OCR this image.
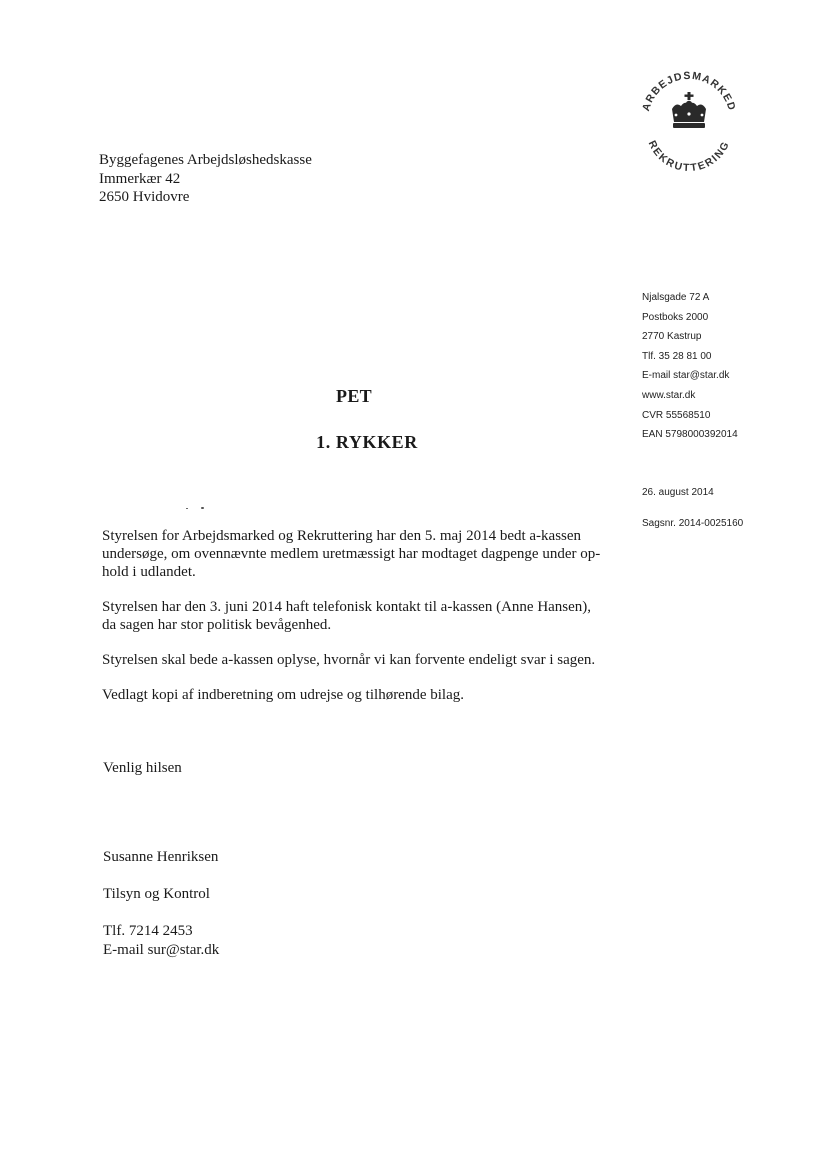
ARBEJDSMARKED
REKRUTTERING
Byggefagenes Arbejdsløshedskasse
Immerkær 42
2650 Hvidovre
Njalsgade 72 A
Postboks 2000
2770 Kastrup
Tlf. 35 28 81 00
E-mail star@star.dk
www.star.dk
CVR 55568510
EAN 5798000392014
26. august 2014
Sagsnr. 2014-0025160
PET
1. RYKKER

Styrelsen for Arbejdsmarked og Rekruttering har den 5. maj 2014 bedt a-kassen
undersøge, om ovennævnte medlem uretmæssigt har modtaget dagpenge under op-
hold i udlandet.

Styrelsen har den 3. juni 2014 haft telefonisk kontakt til a-kassen (Anne Hansen),
da sagen har stor politisk bevågenhed.

Styrelsen skal bede a-kassen oplyse, hvornår vi kan forvente endeligt svar i sagen.

Vedlagt kopi af indberetning om udrejse og tilhørende bilag.

Venlig hilsen
Susanne Henriksen
Tilsyn og Kontrol
Tlf. 7214 2453
E-mail sur@star.dk
